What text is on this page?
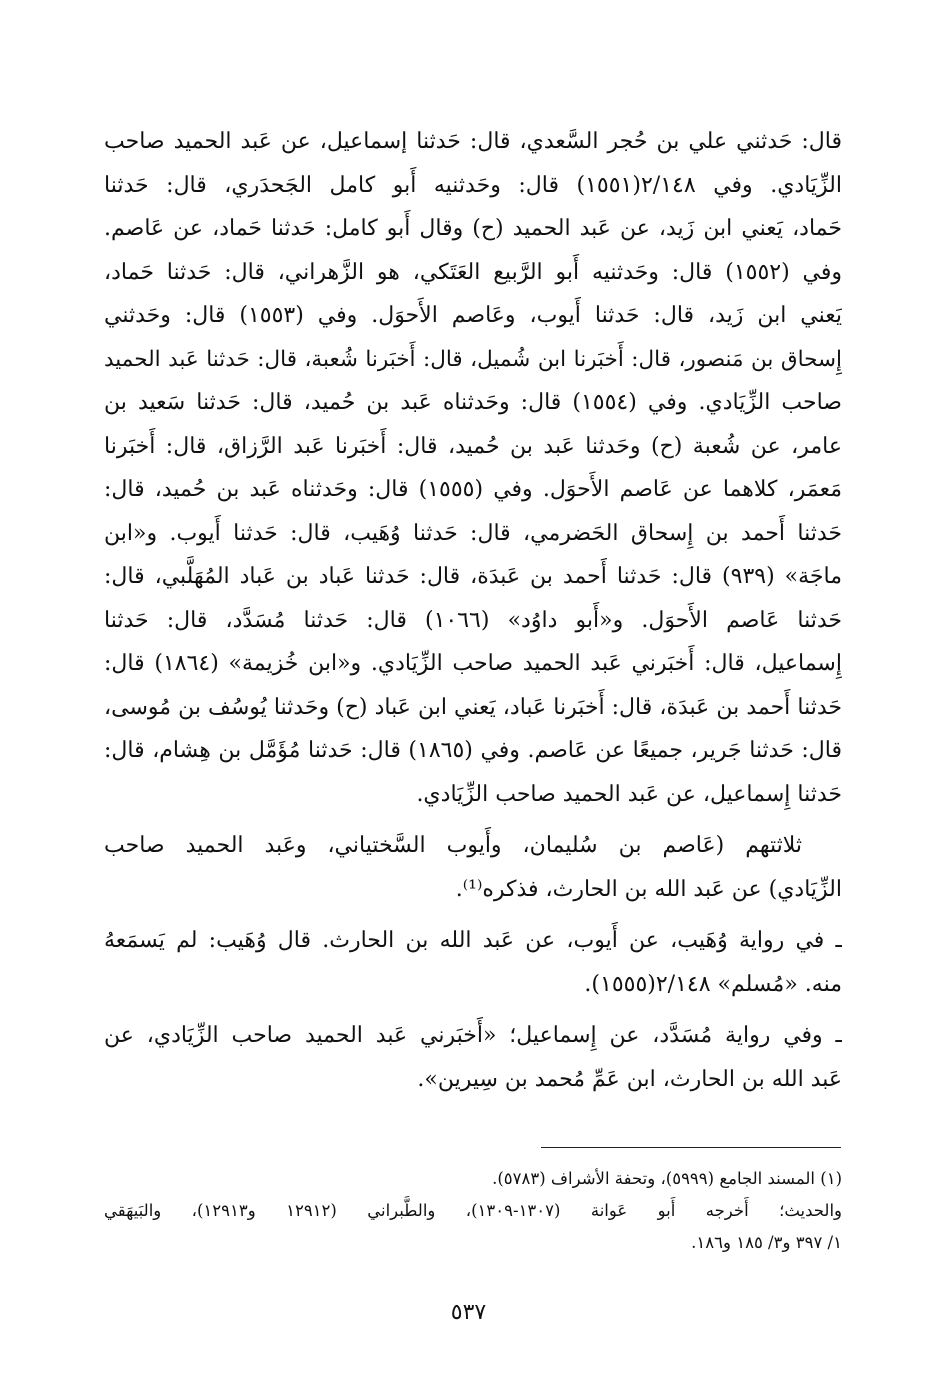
قال: حَدثني علي بن حُجر السَّعدي، قال: حَدثنا إسماعيل، عن عَبد الحميد صاحب
الزِّيَادي. وفي ٢/١٤٨(١٥٥١) قال: وحَدثنيه أَبو كامل الجَحدَري، قال: حَدثنا
حَماد، يَعني ابن زَيد، عن عَبد الحميد (ح) وقال أَبو كامل: حَدثنا حَماد، عن عَاصم.
وفي (١٥٥٢) قال: وحَدثنيه أَبو الرَّبيع العَتَكي، هو الزَّهراني، قال: حَدثنا حَماد،
يَعني ابن زَيد، قال: حَدثنا أَيوب، وعَاصم الأَحوَل. وفي (١٥٥٣) قال: وحَدثني
إِسحاق بن مَنصور، قال: أَخبَرنا ابن شُميل، قال: أَخبَرنا شُعبة، قال: حَدثنا عَبد الحميد
صاحب الزِّيَادي. وفي (١٥٥٤) قال: وحَدثناه عَبد بن حُميد، قال: حَدثنا سَعيد بن
عامر، عن شُعبة (ح) وحَدثنا عَبد بن حُميد، قال: أَخبَرنا عَبد الرَّزاق، قال: أَخبَرنا
مَعمَر، كلاهما عن عَاصم الأَحوَل. وفي (١٥٥٥) قال: وحَدثناه عَبد بن حُميد، قال:
حَدثنا أَحمد بن إِسحاق الحَضرمي، قال: حَدثنا وُهَيب، قال: حَدثنا أَيوب. و«ابن
ماجَة» (٩٣٩) قال: حَدثنا أَحمد بن عَبدَة، قال: حَدثنا عَباد بن عَباد المُهَلَّبي، قال:
حَدثنا عَاصم الأَحوَل. و«أَبو داوُد» (١٠٦٦) قال: حَدثنا مُسَدَّد، قال: حَدثنا
إِسماعيل، قال: أَخبَرني عَبد الحميد صاحب الزِّيَادي. و«ابن خُزيمة» (١٨٦٤) قال:
حَدثنا أَحمد بن عَبدَة، قال: أَخبَرنا عَباد، يَعني ابن عَباد (ح) وحَدثنا يُوسُف بن مُوسى،
قال: حَدثنا جَرير، جميعًا عن عَاصم. وفي (١٨٦٥) قال: حَدثنا مُؤَمَّل بن هِشام، قال:
حَدثنا إِسماعيل، عن عَبد الحميد صاحب الزِّيَادي.
ثلاثتهم (عَاصم بن سُليمان، وأَيوب السَّختياني، وعَبد الحميد صاحب
الزِّيَادي) عن عَبد الله بن الحارث، فذكره⁽¹⁾.
ـ في رواية وُهَيب، عن أَيوب، عن عَبد الله بن الحارث. قال وُهَيب: لم يَسمَعهُ
منه. «مُسلم» ٢/١٤٨(١٥٥٥).
ـ وفي رواية مُسَدَّد، عن إِسماعيل؛ «أَخبَرني عَبد الحميد صاحب الزِّيَادي، عن
عَبد الله بن الحارث، ابن عَمِّ مُحمد بن سِيرين».
(١) المسند الجامع (٥٩٩٩)، وتحفة الأشراف (٥٧٨٣).
والحديث؛ أَخرجه أَبو عَوانة (١٣٠٧-١٣٠٩)، والطَّبراني (١٢٩١٢ و١٢٩١٣)، والبَيهَقي
١/ ٣٩٧ و٣/ ١٨٥ و١٨٦.
٥٣٧
